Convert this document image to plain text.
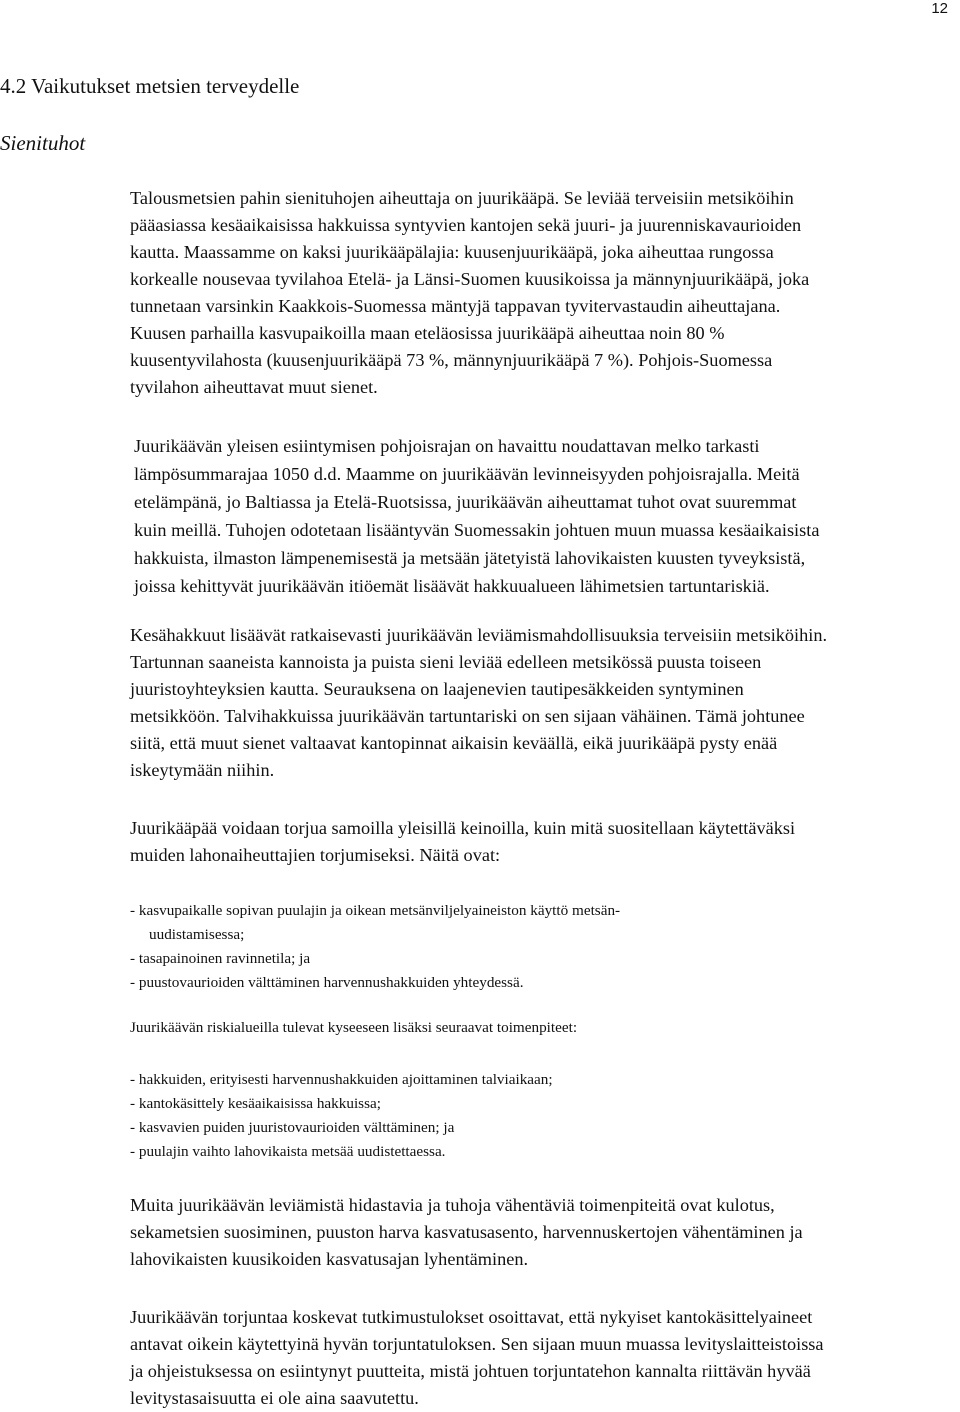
12
4.2 Vaikutukset metsien terveydelle
Sienituhot
Talousmetsien pahin sienituhojen aiheuttaja on juurikääpä. Se leviää terveisiin metsiköihin
pääasiassa kesäaikaisissa hakkuissa syntyvien kantojen sekä juuri- ja juurenniskavaurioiden
kautta. Maassamme on kaksi juurikääpälajia: kuusenjuurikääpä, joka aiheuttaa rungossa
korkealle nousevaa tyvilahoa Etelä- ja Länsi-Suomen kuusikoissa ja männynjuurikääpä, joka
tunnetaan varsinkin Kaakkois-Suomessa mäntyjä tappavan tyvitervastaudin aiheuttajana.
Kuusen parhailla kasvupaikoilla maan eteläosissa juurikääpä aiheuttaa noin 80 %
kuusentyvilahosta (kuusenjuurikääpä 73 %, männynjuurikääpä 7 %). Pohjois-Suomessa
tyvilahon aiheuttavat muut sienet.
Juurikäävän yleisen esiintymisen pohjoisrajan on havaittu noudattavan melko tarkasti
lämpösummarajaa 1050 d.d. Maamme on juurikäävän levinneisyyden pohjoisrajalla. Meitä
etelämpänä, jo Baltiassa ja Etelä-Ruotsissa, juurikäävän aiheuttamat tuhot ovat suuremmat
kuin meillä. Tuhojen odotetaan lisääntyvän Suomessakin johtuen muun muassa kesäaikaisista
hakkuista, ilmaston lämpenemisestä ja metsään jätetyistä lahovikaisten kuusten tyveyksistä,
joissa kehittyvät juurikäävän itiöemät lisäävät hakkuualueen lähimetsien tartuntariskiä.
Kesähakkuut lisäävät ratkaisevasti juurikäävän leviämismahdollisuuksia terveisiin metsiköihin.
Tartunnan saaneista kannoista ja puista sieni leviää edelleen metsikössä puusta toiseen
juuristoyhteyksien kautta. Seurauksena on laajenevien tautipesäkkeiden syntyminen
metsikköön. Talvihakkuissa juurikäävän tartuntariski on sen sijaan vähäinen. Tämä johtunee
siitä, että muut sienet valtaavat kantopinnat aikaisin keväällä, eikä juurikääpä pysty enää
iskeytymään niihin.
Juurikääpää voidaan torjua samoilla yleisillä keinoilla, kuin mitä suositellaan käytettäväksi
muiden lahonaiheuttajien torjumiseksi. Näitä ovat:
- kasvupaikalle sopivan puulajin ja oikean metsänviljelyaineiston käyttö metsän-
uudistamisessa;
- tasapainoinen ravinnetila; ja
- puustovaurioiden välttäminen harvennushakkuiden yhteydessä.

Juurikäävän riskialueilla tulevat kyseeseen lisäksi seuraavat toimenpiteet:

- hakkuiden, erityisesti harvennushakkuiden ajoittaminen talviaikaan;
- kantokäsittely kesäaikaisissa hakkuissa;
- kasvavien puiden juuristovaurioiden välttäminen; ja
- puulajin vaihto lahovikaista metsää uudistettaessa.
Muita juurikäävän leviämistä hidastavia ja tuhoja vähentäviä toimenpiteitä ovat kulotus,
sekametsien suosiminen, puuston harva kasvatusasento, harvennuskertojen vähentäminen ja
lahovikaisten kuusikoiden kasvatusajan lyhentäminen.
Juurikäävän torjuntaa koskevat tutkimustulokset osoittavat, että nykyiset kantokäsittelyaineet
antavat oikein käytettyinä hyvän torjuntatuloksen. Sen sijaan muun muassa levityslaitteistoissa
ja ohjeistuksessa on esiintynyt puutteita, mistä johtuen torjuntatehon kannalta riittävän hyvää
levitystasaisuutta ei ole aina saavutettu.
